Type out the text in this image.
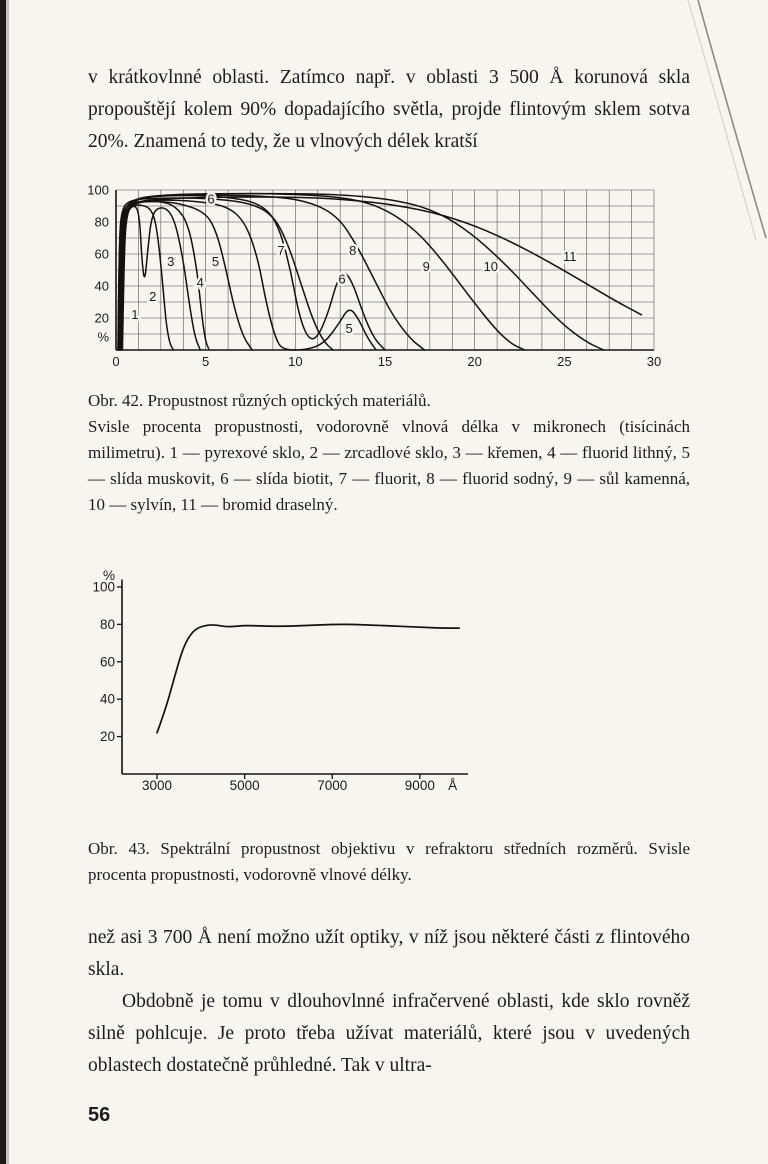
v krátkovlnné oblasti. Zatímco např. v oblasti 3 500 Å korunová skla propouštějí kolem 90% dopadajícího světla, projde flintovým sklem sotva 20%. Znamená to tedy, že u vlnových délek kratší

0	5	10	15	20	25	30
20
40
60
80
100
%
1
2
3
4
5
5
6
6
7	8
9	10
11

Obr. 42. Propustnost různých optických materiálů.

Svisle procenta propustnosti, vodorovně vlnová délka v mikronech (tisícinách milimetru). 1 — pyrexové sklo, 2 — zrcadlové sklo, 3 — křemen, 4 — fluorid lithný, 5 — slída muskovit, 6 — slída biotit, 7 — fluorit, 8 — fluorid sodný, 9 — sůl kamenná, 10 — sylvín, 11 — bromid draselný.

3000	5000	7000	9000
20
40
60
80
100
%
Å

Obr. 43. Spektrální propustnost objektivu v refraktoru středních rozměrů. Svisle procenta propustnosti, vodorovně vlnové délky.

než asi 3 700 Å není možno užít optiky, v níž jsou některé části z flintového skla.

Obdobně je tomu v dlouhovlnné infračervené oblasti, kde sklo rovněž silně pohlcuje. Je proto třeba užívat materiálů, které jsou v uvedených oblastech dostatečně průhledné. Tak v ultra-

56
